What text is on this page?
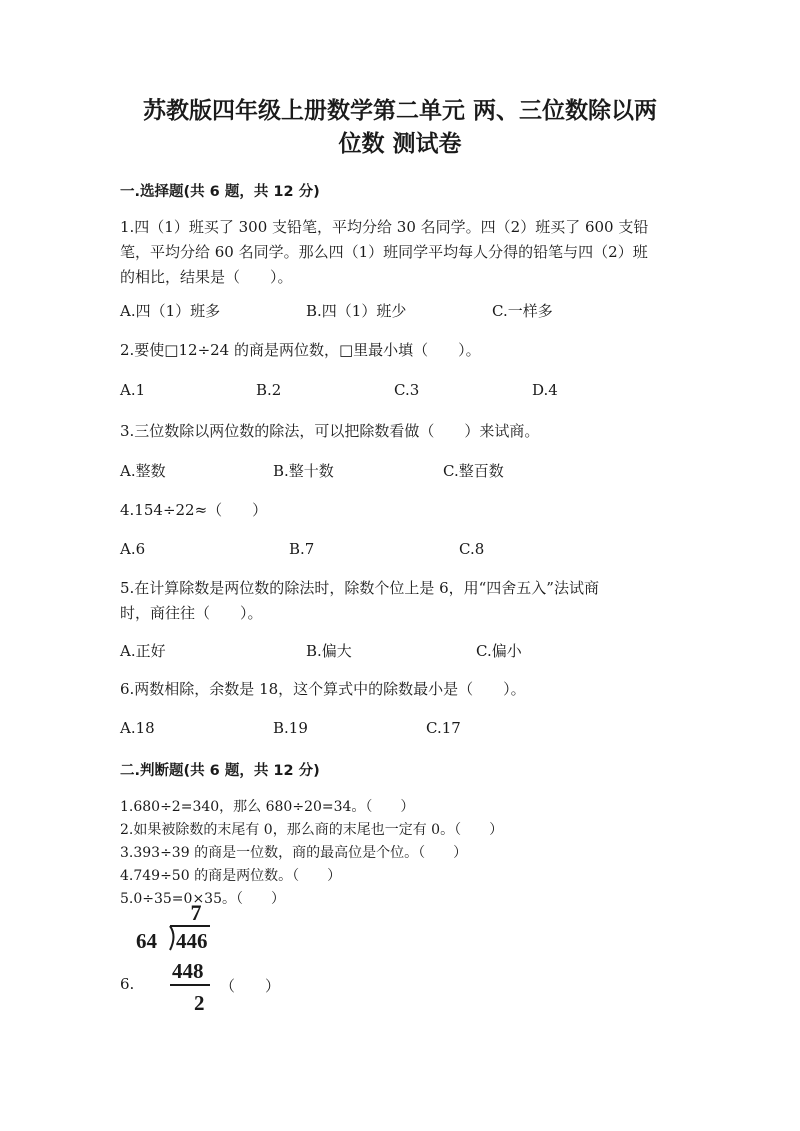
苏教版四年级上册数学第二单元 两、三位数除以两
位数 测试卷
一.选择题(共 6 题，共 12 分)
1.四（1）班买了 300 支铅笔，平均分给 30 名同学。四（2）班买了 600 支铅
笔，平均分给 60 名同学。那么四（1）班同学平均每人分得的铅笔与四（2）班
的相比，结果是（　　）。
A.四（1）班多	B.四（1）班少	C.一样多
2.要使□12÷24 的商是两位数，□里最小填（　　）。
A.1	B.2	C.3	D.4
3.三位数除以两位数的除法，可以把除数看做（　　）来试商。
A.整数	B.整十数	C.整百数
4.154÷22≈（　　）
A.6	B.7	C.8
5.在计算除数是两位数的除法时，除数个位上是 6，用“四舍五入”法试商
时，商往往（　　）。
A.正好	B.偏大	C.偏小
6.两数相除，余数是 18，这个算式中的除数最小是（　　）。
A.18	B.19	C.17
二.判断题(共 6 题，共 12 分)
1.680÷2=340，那么 680÷20=34。（　　）
2.如果被除数的末尾有 0，那么商的末尾也一定有 0。（　　）
3.393÷39 的商是一位数，商的最高位是个位。（　　）
4.749÷50 的商是两位数。（　　）
5.0÷35=0×35。（　　）
6.
7
64 446
448
2
（　　）
